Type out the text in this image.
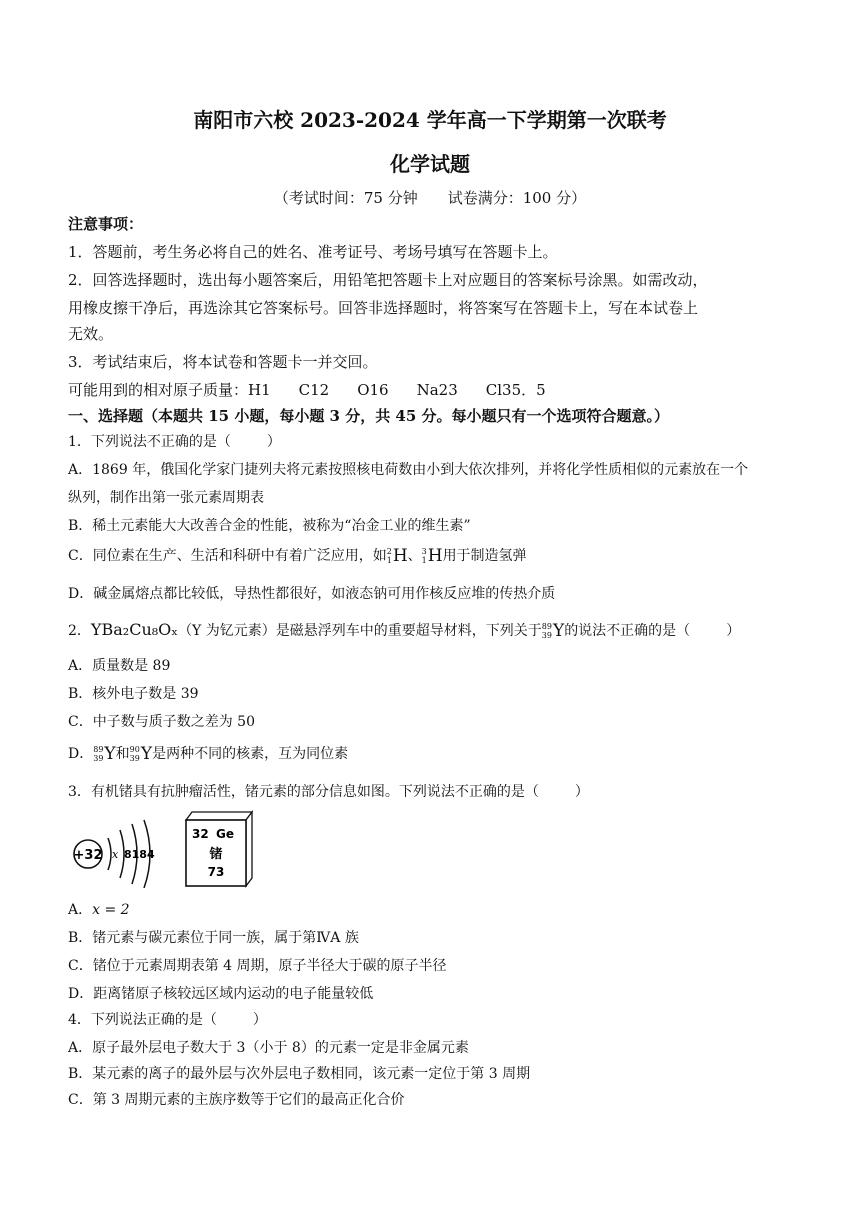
南阳市六校 2023-2024 学年高一下学期第一次联考
化学试题
（考试时间：75 分钟　　试卷满分：100 分）
注意事项：
1．答题前，考生务必将自己的姓名、准考证号、考场号填写在答题卡上。
2．回答选择题时，选出每小题答案后，用铅笔把答题卡上对应题目的答案标号涂黑。如需改动，
用橡皮擦干净后，再选涂其它答案标号。回答非选择题时，将答案写在答题卡上，写在本试卷上
无效。
3．考试结束后，将本试卷和答题卡一并交回。
可能用到的相对原子质量：H1 C12 O16 Na23 Cl35．5
一、选择题（本题共 15 小题，每小题 3 分，共 45 分。每小题只有一个选项符合题意。）
1．下列说法不正确的是（	）
A．1869 年，俄国化学家门捷列夫将元素按照核电荷数由小到大依次排列，并将化学性质相似的元素放在一个
纵列，制作出第一张元素周期表
B．稀土元素能大大改善合金的性能，被称为“冶金工业的维生素”
C．同位素在生产、生活和科研中有着广泛应用，如 2
1 H 、 3
1 H 用于制造氢弹
D．碱金属熔点都比较低，导热性都很好，如液态钠可用作核反应堆的传热介质
2．YBa₂Cu₈Oₓ（Y 为钇元素）是磁悬浮列车中的重要超导材料，下列关于 89
39 Y 的说法不正确的是（	）
A．质量数是 89
B．核外电子数是 39
C．中子数与质子数之差为 50
D． 89
39 Y 和 90
39 Y 是两种不同的核素，互为同位素
3．有机锗具有抗肿瘤活性，锗元素的部分信息如图。下列说法不正确的是（	）
+32 x 8184
32 Ge
锗
73
A．x = 2
B．锗元素与碳元素位于同一族，属于第ⅣA 族
C．锗位于元素周期表第 4 周期，原子半径大于碳的原子半径
D．距离锗原子核较远区域内运动的电子能量较低
4．下列说法正确的是（	）
A．原子最外层电子数大于 3（小于 8）的元素一定是非金属元素
B．某元素的离子的最外层与次外层电子数相同，该元素一定位于第 3 周期
C．第 3 周期元素的主族序数等于它们的最高正化合价
